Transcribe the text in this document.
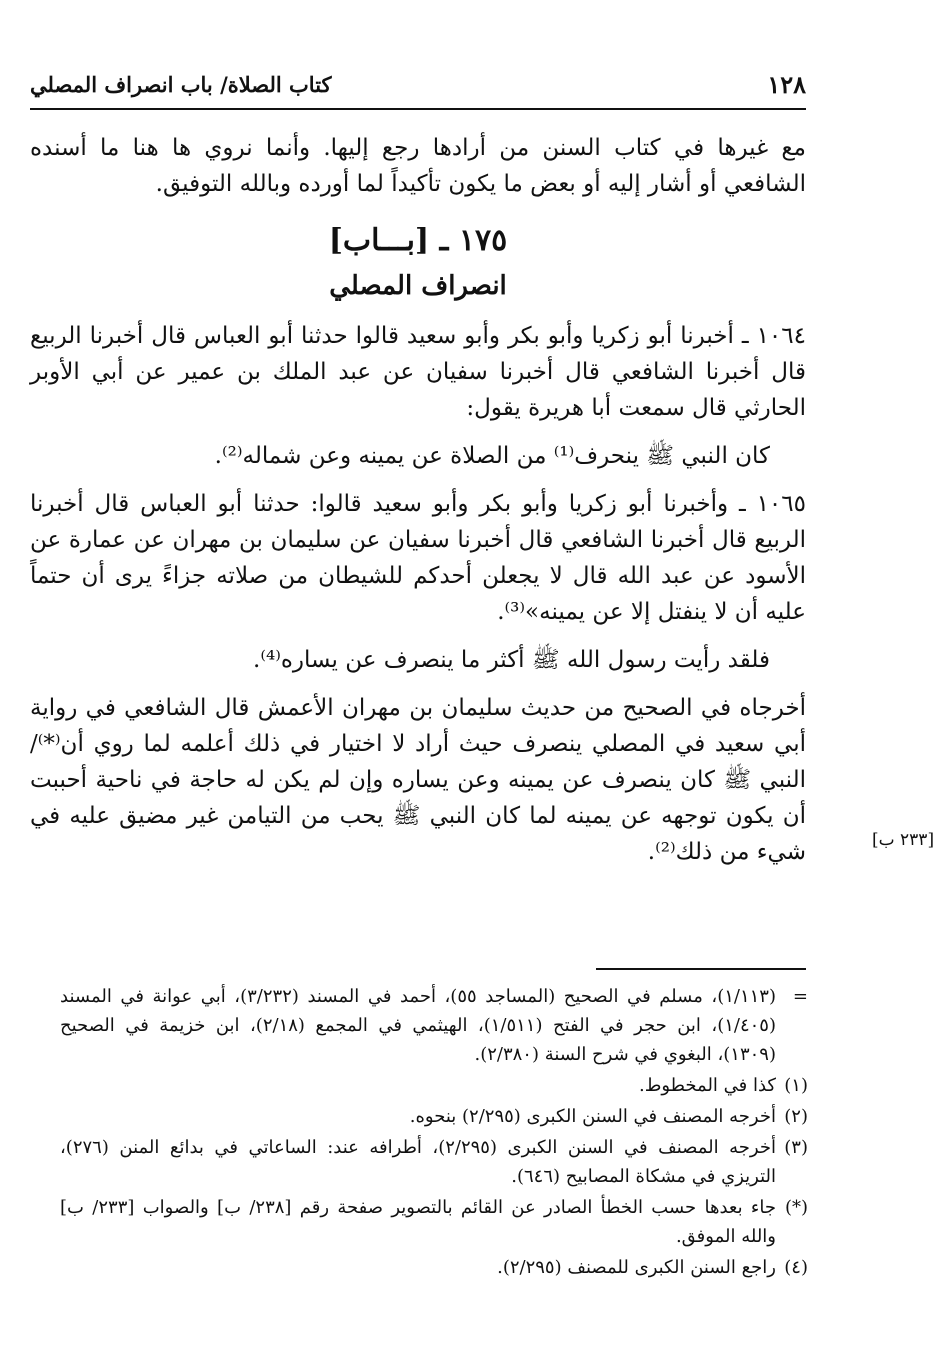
١٢٨
كتاب الصلاة/ باب انصراف المصلي

مع غيرها في كتاب السنن من أرادها رجع إليها. وأنما نروي ها هنا ما أسنده الشافعي أو أشار إليه أو بعض ما يكون تأكيداً لما أورده وبالله التوفيق.

١٧٥ ـ [بـــاب]
انصراف المصلي

١٠٦٤ ـ أخبرنا أبو زكريا وأبو بكر وأبو سعيد قالوا حدثنا أبو العباس قال أخبرنا الربيع قال أخبرنا الشافعي قال أخبرنا سفيان عن عبد الملك بن عمير عن أبي الأوبر الحارثي قال سمعت أبا هريرة يقول:

كان النبي ﷺ ينحرف⁽¹⁾ من الصلاة عن يمينه وعن شماله⁽²⁾.

١٠٦٥ ـ وأخبرنا أبو زكريا وأبو بكر وأبو سعيد قالوا: حدثنا أبو العباس قال أخبرنا الربيع قال أخبرنا الشافعي قال أخبرنا سفيان عن سليمان بن مهران عن عمارة عن الأسود عن عبد الله قال لا يجعلن أحدكم للشيطان من صلاته جزاءً يرى أن حتماً عليه أن لا ينفتل إلا عن يمينه»⁽³⁾.

فلقد رأيت رسول الله ﷺ أكثر ما ينصرف عن يساره⁽⁴⁾.

أخرجاه في الصحيح من حديث سليمان بن مهران الأعمش قال الشافعي في رواية أبي سعيد في المصلي ينصرف حيث أراد لا اختيار في ذلك أعلمه لما روي أن⁽*⁾/ النبي ﷺ كان ينصرف عن يمينه وعن يساره وإن لم يكن له حاجة في ناحية أحببت أن يكون توجهه عن يمينه لما كان النبي ﷺ يحب من التيامن غير مضيق عليه في شيء من ذلك⁽²⁾.	[٢٣٣ ب]
=
(١/١١٣)، مسلم في الصحيح (المساجد ٥٥)، أحمد في المسند (٣/٢٣٢)، أبي عوانة في المسند (١/٤٠٥)، ابن حجر في الفتح (١/٥١١)، الهيثمي في المجمع (٢/١٨)، ابن خزيمة في الصحيح (١٣٠٩)، البغوي في شرح السنة (٢/٣٨٠).
(١)
كذا في المخطوط.
(٢)
أخرجه المصنف في السنن الكبرى (٢/٢٩٥) بنحوه.
(٣)
أخرجه المصنف في السنن الكبرى (٢/٢٩٥)، أطرافه عند: الساعاتي في بدائع المنن (٢٧٦)، التريزي في مشكاة المصابيح (٦٤٦).
(*)
جاء بعدها حسب الخطأ الصادر عن القائم بالتصوير صفحة رقم [٢٣٨/ ب] والصواب [٢٣٣/ ب] والله الموفق.
(٤)
راجع السنن الكبرى للمصنف (٢/٢٩٥).
